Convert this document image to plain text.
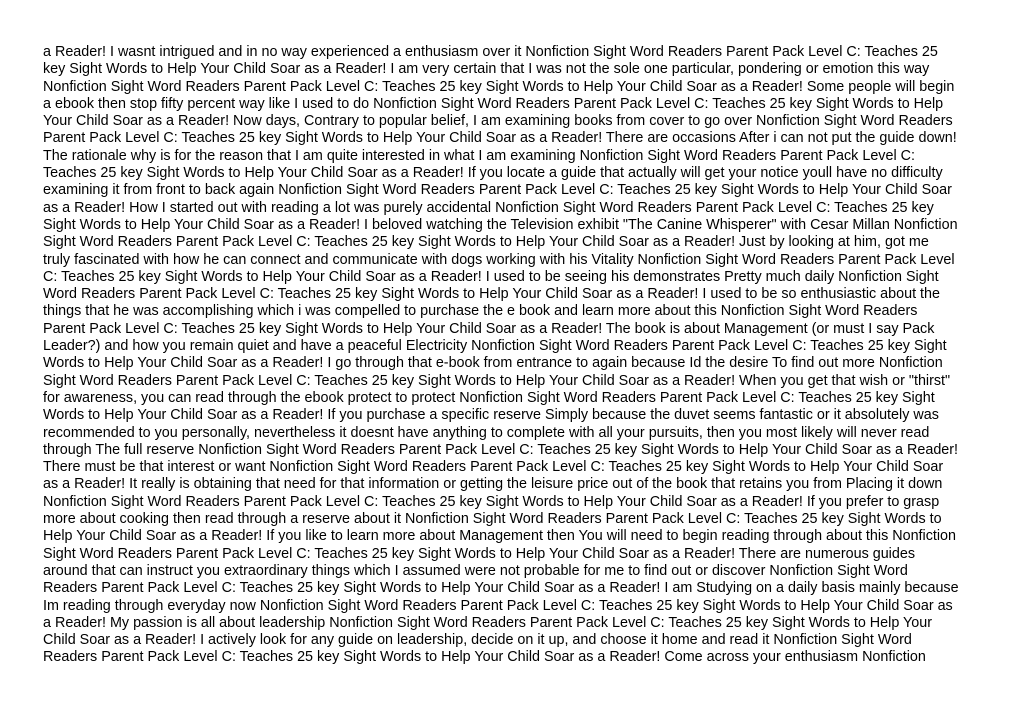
a Reader! I wasnt intrigued and in no way experienced a enthusiasm over it Nonfiction Sight Word Readers Parent Pack Level C: Teaches 25
key Sight Words to Help Your Child Soar as a Reader! I am very certain that I was not the sole one particular, pondering or emotion this way
Nonfiction Sight Word Readers Parent Pack Level C: Teaches 25 key Sight Words to Help Your Child Soar as a Reader! Some people will begin
a ebook then stop fifty percent way like I used to do Nonfiction Sight Word Readers Parent Pack Level C: Teaches 25 key Sight Words to Help
Your Child Soar as a Reader! Now days, Contrary to popular belief, I am examining books from cover to go over Nonfiction Sight Word Readers
Parent Pack Level C: Teaches 25 key Sight Words to Help Your Child Soar as a Reader! There are occasions After i can not put the guide down!
The rationale why is for the reason that I am quite interested in what I am examining Nonfiction Sight Word Readers Parent Pack Level C:
Teaches 25 key Sight Words to Help Your Child Soar as a Reader! If you locate a guide that actually will get your notice youll have no difficulty
examining it from front to back again Nonfiction Sight Word Readers Parent Pack Level C: Teaches 25 key Sight Words to Help Your Child Soar
as a Reader! How I started out with reading a lot was purely accidental Nonfiction Sight Word Readers Parent Pack Level C: Teaches 25 key
Sight Words to Help Your Child Soar as a Reader! I beloved watching the Television exhibit "The Canine Whisperer" with Cesar Millan Nonfiction
Sight Word Readers Parent Pack Level C: Teaches 25 key Sight Words to Help Your Child Soar as a Reader! Just by looking at him, got me
truly fascinated with how he can connect and communicate with dogs working with his Vitality Nonfiction Sight Word Readers Parent Pack Level
C: Teaches 25 key Sight Words to Help Your Child Soar as a Reader! I used to be seeing his demonstrates Pretty much daily Nonfiction Sight
Word Readers Parent Pack Level C: Teaches 25 key Sight Words to Help Your Child Soar as a Reader! I used to be so enthusiastic about the
things that he was accomplishing which i was compelled to purchase the e book and learn more about this Nonfiction Sight Word Readers
Parent Pack Level C: Teaches 25 key Sight Words to Help Your Child Soar as a Reader! The book is about Management (or must I say Pack
Leader?) and how you remain quiet and have a peaceful Electricity Nonfiction Sight Word Readers Parent Pack Level C: Teaches 25 key Sight
Words to Help Your Child Soar as a Reader! I go through that e-book from entrance to again because Id the desire To find out more Nonfiction
Sight Word Readers Parent Pack Level C: Teaches 25 key Sight Words to Help Your Child Soar as a Reader! When you get that wish or "thirst"
for awareness, you can read through the ebook protect to protect Nonfiction Sight Word Readers Parent Pack Level C: Teaches 25 key Sight
Words to Help Your Child Soar as a Reader! If you purchase a specific reserve Simply because the duvet seems fantastic or it absolutely was
recommended to you personally, nevertheless it doesnt have anything to complete with all your pursuits, then you most likely will never read
through The full reserve Nonfiction Sight Word Readers Parent Pack Level C: Teaches 25 key Sight Words to Help Your Child Soar as a Reader!
There must be that interest or want Nonfiction Sight Word Readers Parent Pack Level C: Teaches 25 key Sight Words to Help Your Child Soar
as a Reader! It really is obtaining that need for that information or getting the leisure price out of the book that retains you from Placing it down
Nonfiction Sight Word Readers Parent Pack Level C: Teaches 25 key Sight Words to Help Your Child Soar as a Reader! If you prefer to grasp
more about cooking then read through a reserve about it Nonfiction Sight Word Readers Parent Pack Level C: Teaches 25 key Sight Words to
Help Your Child Soar as a Reader! If you like to learn more about Management then You will need to begin reading through about this Nonfiction
Sight Word Readers Parent Pack Level C: Teaches 25 key Sight Words to Help Your Child Soar as a Reader! There are numerous guides
around that can instruct you extraordinary things which I assumed were not probable for me to find out or discover Nonfiction Sight Word
Readers Parent Pack Level C: Teaches 25 key Sight Words to Help Your Child Soar as a Reader! I am Studying on a daily basis mainly because
Im reading through everyday now Nonfiction Sight Word Readers Parent Pack Level C: Teaches 25 key Sight Words to Help Your Child Soar as
a Reader! My passion is all about leadership Nonfiction Sight Word Readers Parent Pack Level C: Teaches 25 key Sight Words to Help Your
Child Soar as a Reader! I actively look for any guide on leadership, decide on it up, and choose it home and read it Nonfiction Sight Word
Readers Parent Pack Level C: Teaches 25 key Sight Words to Help Your Child Soar as a Reader! Come across your enthusiasm Nonfiction
